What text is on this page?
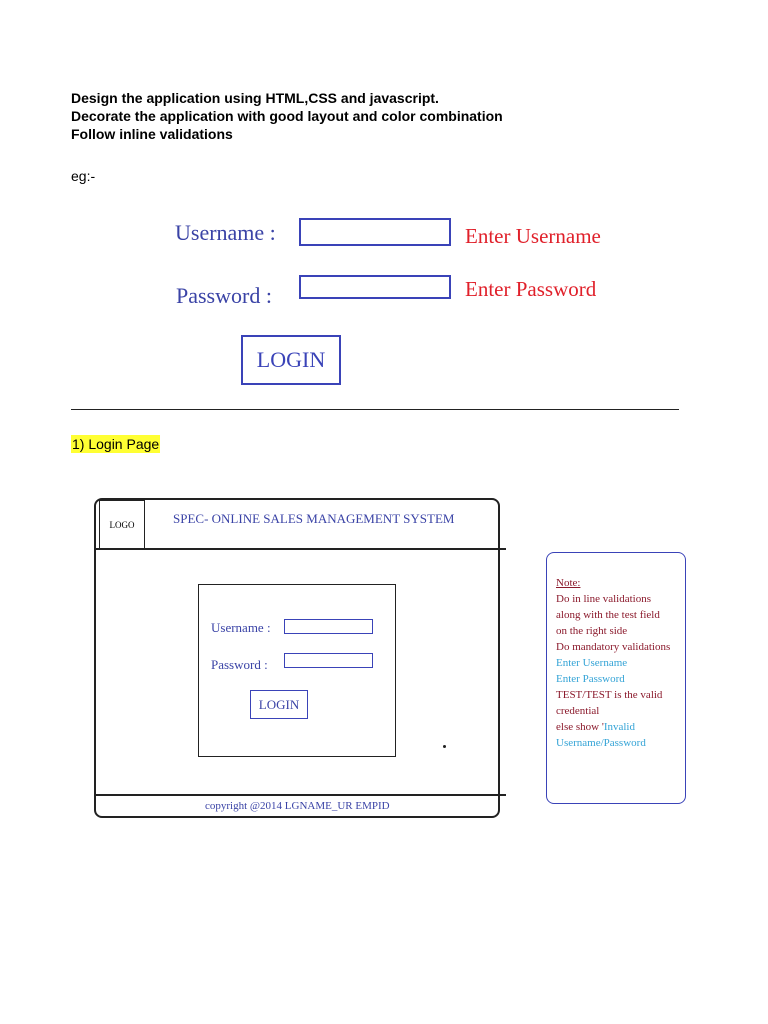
Design the application using HTML,CSS and javascript.
Decorate the application with good layout and color combination
Follow inline validations
eg:-
Username :	Enter Username
Password :	Enter Password
LOGIN
1) Login Page
LOGO	SPEC- ONLINE SALES MANAGEMENT SYSTEM
Username :
Password :
LOGIN
copyright @2014 LGNAME_UR EMPID
Note:
Do in line validations
along with the test field
on the right side
Do mandatory validations
Enter Username
Enter Password
TEST/TEST is the valid
credential
else show 'Invalid
Username/Password
